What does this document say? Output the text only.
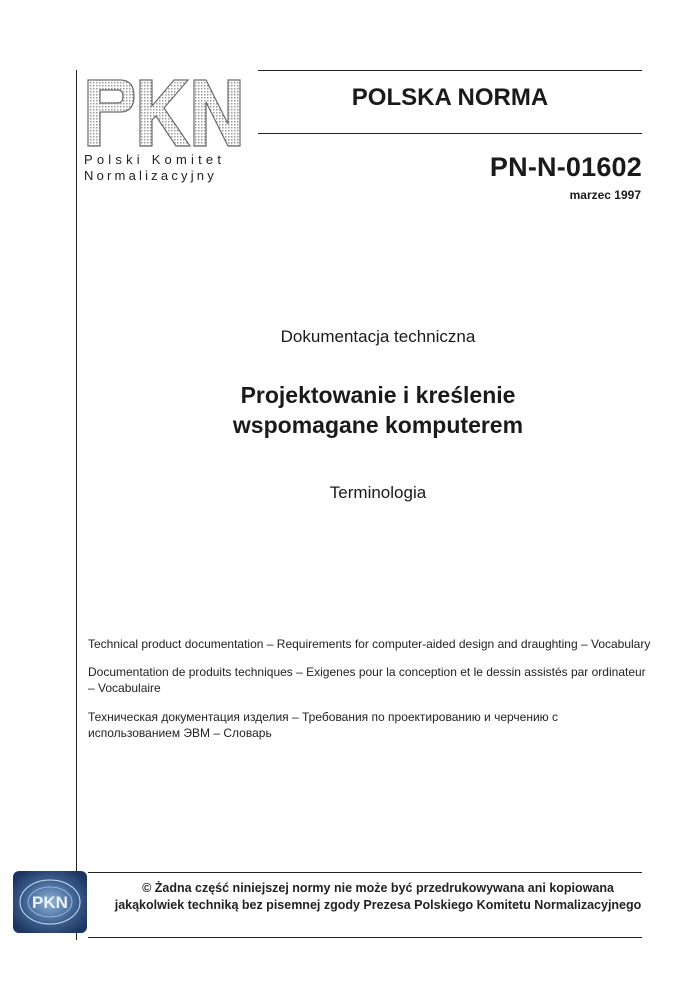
Polski Komitet
Normalizacyjny
POLSKA NORMA
PN-N-01602
marzec 1997
Dokumentacja techniczna
Projektowanie i kreślenie
wspomagane komputerem
Terminologia
Technical product documentation – Requirements for computer-aided design and draughting – Vocabulary
Documentation de produits techniques – Exigenes pour la conception et le dessin assistés par ordinateur – Vocabulaire
Техническая документация изделия – Требования по проектированию и черчению с использованием ЭВМ – Словарь
PKN
© Żadna część niniejszej normy nie może być przedrukowywana ani kopiowana
jakąkolwiek techniką bez pisemnej zgody Prezesa Polskiego Komitetu Normalizacyjnego
